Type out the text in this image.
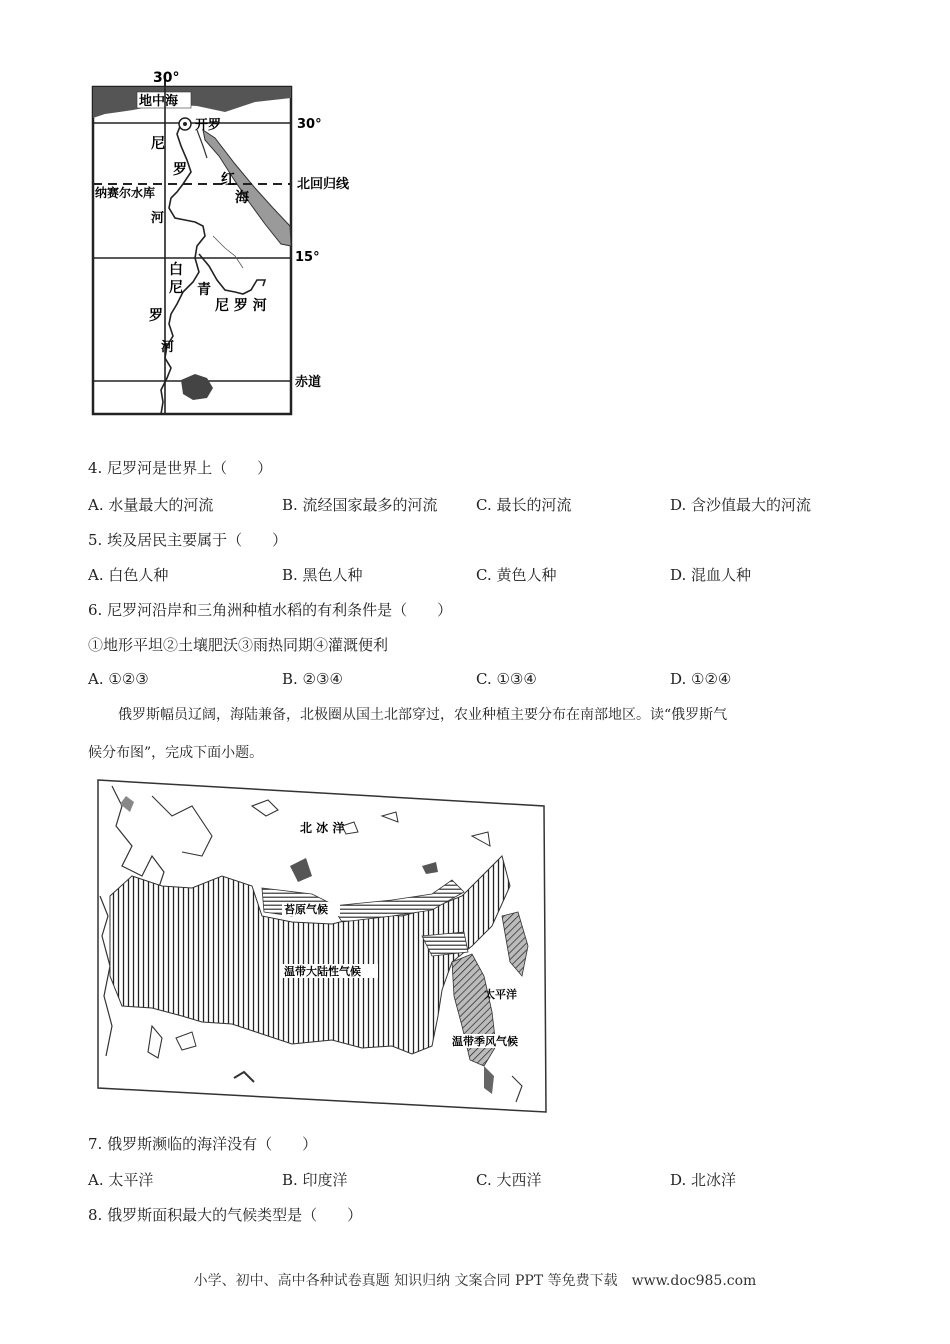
30°
地中海
开罗	30°
北回归线
15°
赤道
尼
罗
河
红
海
纳赛尔水库
白
尼
罗
河
青
尼 罗 河
4. 尼罗河是世界上（　　）
A. 水量最大的河流	B. 流经国家最多的河流	C. 最长的河流	D. 含沙值最大的河流
5. 埃及居民主要属于（　　）
A. 白色人种	B. 黑色人种	C. 黄色人种	D. 混血人种
6. 尼罗河沿岸和三角洲种植水稻的有利条件是（　　）
①地形平坦②土壤肥沃③雨热同期④灌溉便利
A. ①②③	B. ②③④	C. ①③④	D. ①②④
俄罗斯幅员辽阔，海陆兼备，北极圈从国土北部穿过，农业种植主要分布在南部地区。读“俄罗斯气
候分布图”，完成下面小题。
北 冰 洋
苔原气候
温带大陆性气候
太平洋
温带季风气候
7. 俄罗斯濒临的海洋没有（　　）
A. 太平洋	B. 印度洋	C. 大西洋	D. 北冰洋
8. 俄罗斯面积最大的气候类型是（　　）
小学、初中、高中各种试卷真题 知识归纳 文案合同 PPT 等免费下载　www.doc985.com
